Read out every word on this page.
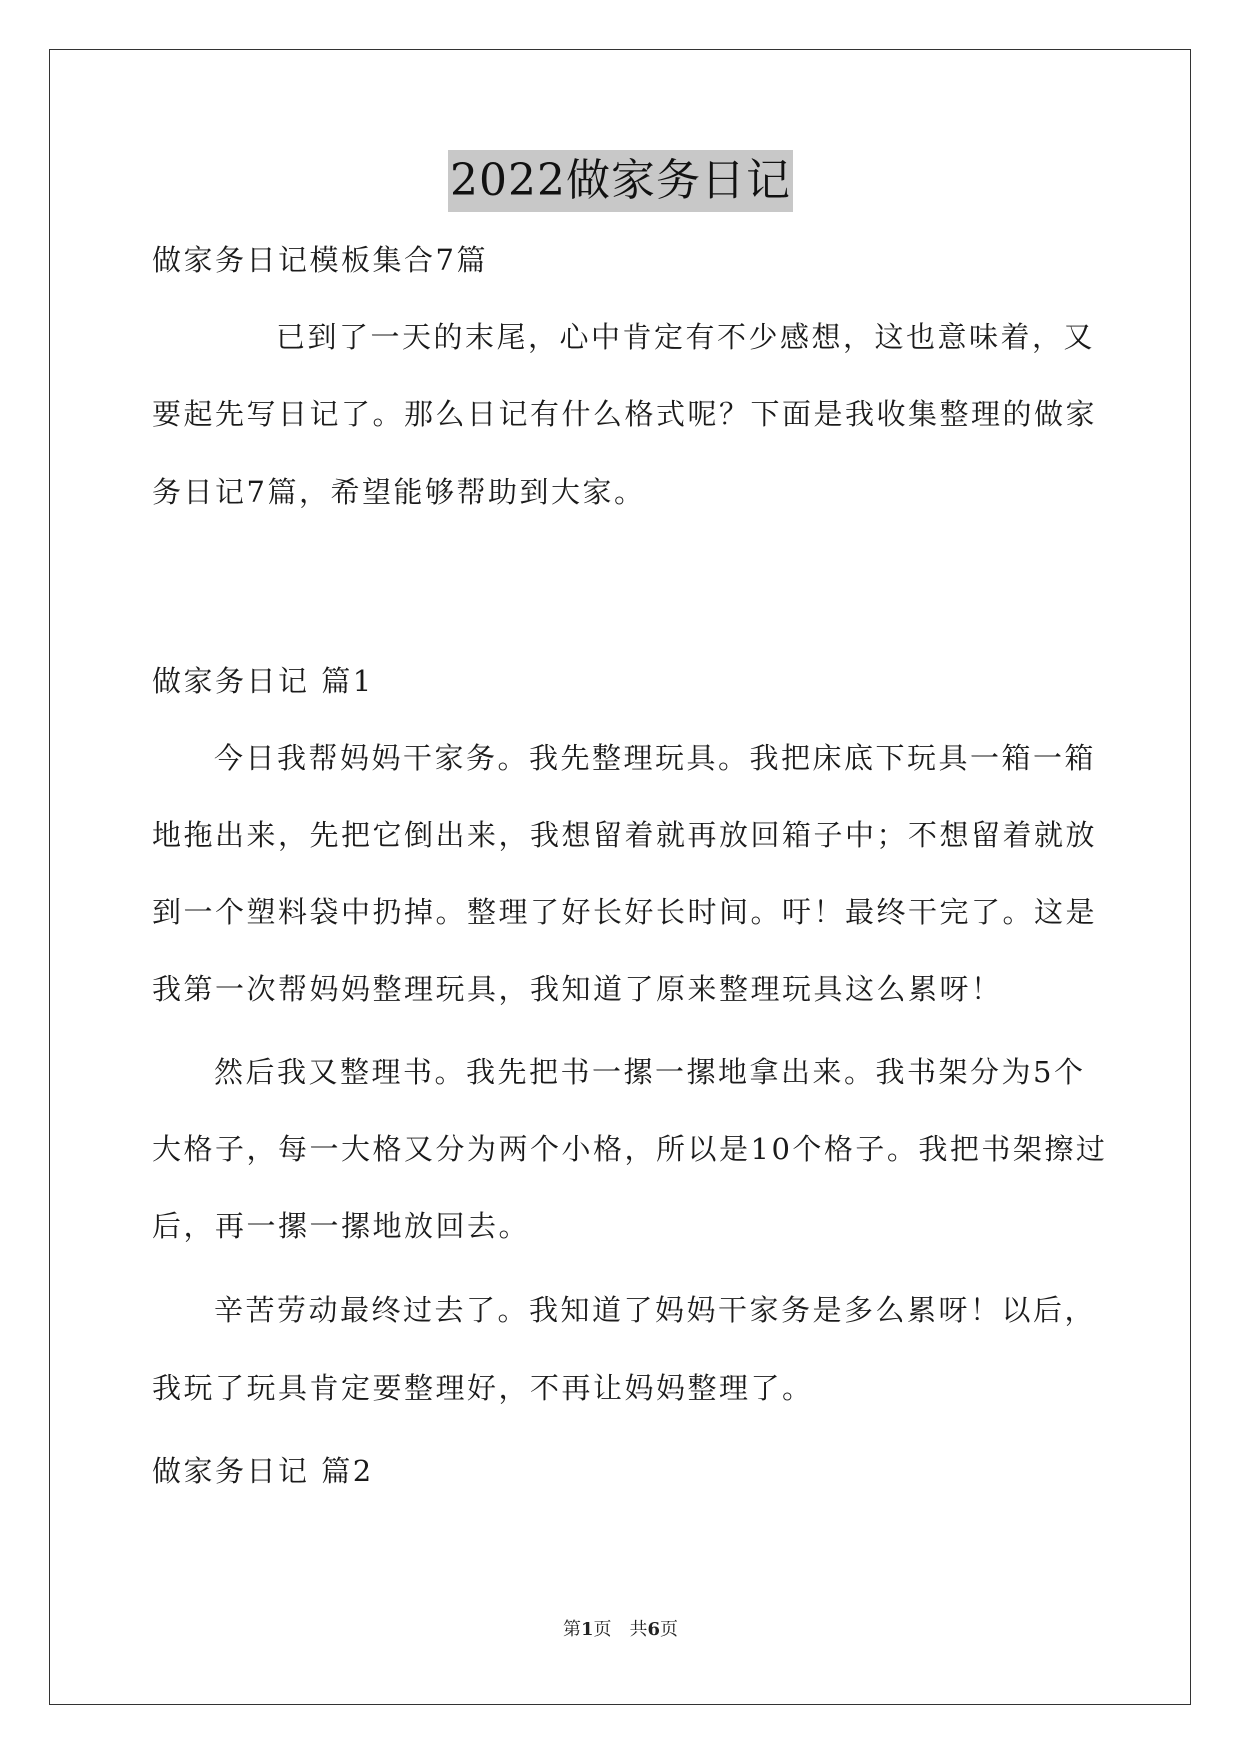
2022做家务日记
做家务日记模板集合7篇
已到了一天的末尾，心中肯定有不少感想，这也意味着，又
要起先写日记了。那么日记有什么格式呢？下面是我收集整理的做家
务日记7篇，希望能够帮助到大家。
做家务日记 篇1
今日我帮妈妈干家务。我先整理玩具。我把床底下玩具一箱一箱
地拖出来，先把它倒出来，我想留着就再放回箱子中；不想留着就放
到一个塑料袋中扔掉。整理了好长好长时间。吁！最终干完了。这是
我第一次帮妈妈整理玩具，我知道了原来整理玩具这么累呀！
然后我又整理书。我先把书一摞一摞地拿出来。我书架分为5个
大格子，每一大格又分为两个小格，所以是10个格子。我把书架擦过
后，再一摞一摞地放回去。
辛苦劳动最终过去了。我知道了妈妈干家务是多么累呀！以后，
我玩了玩具肯定要整理好，不再让妈妈整理了。
做家务日记 篇2
第1页 共6页
